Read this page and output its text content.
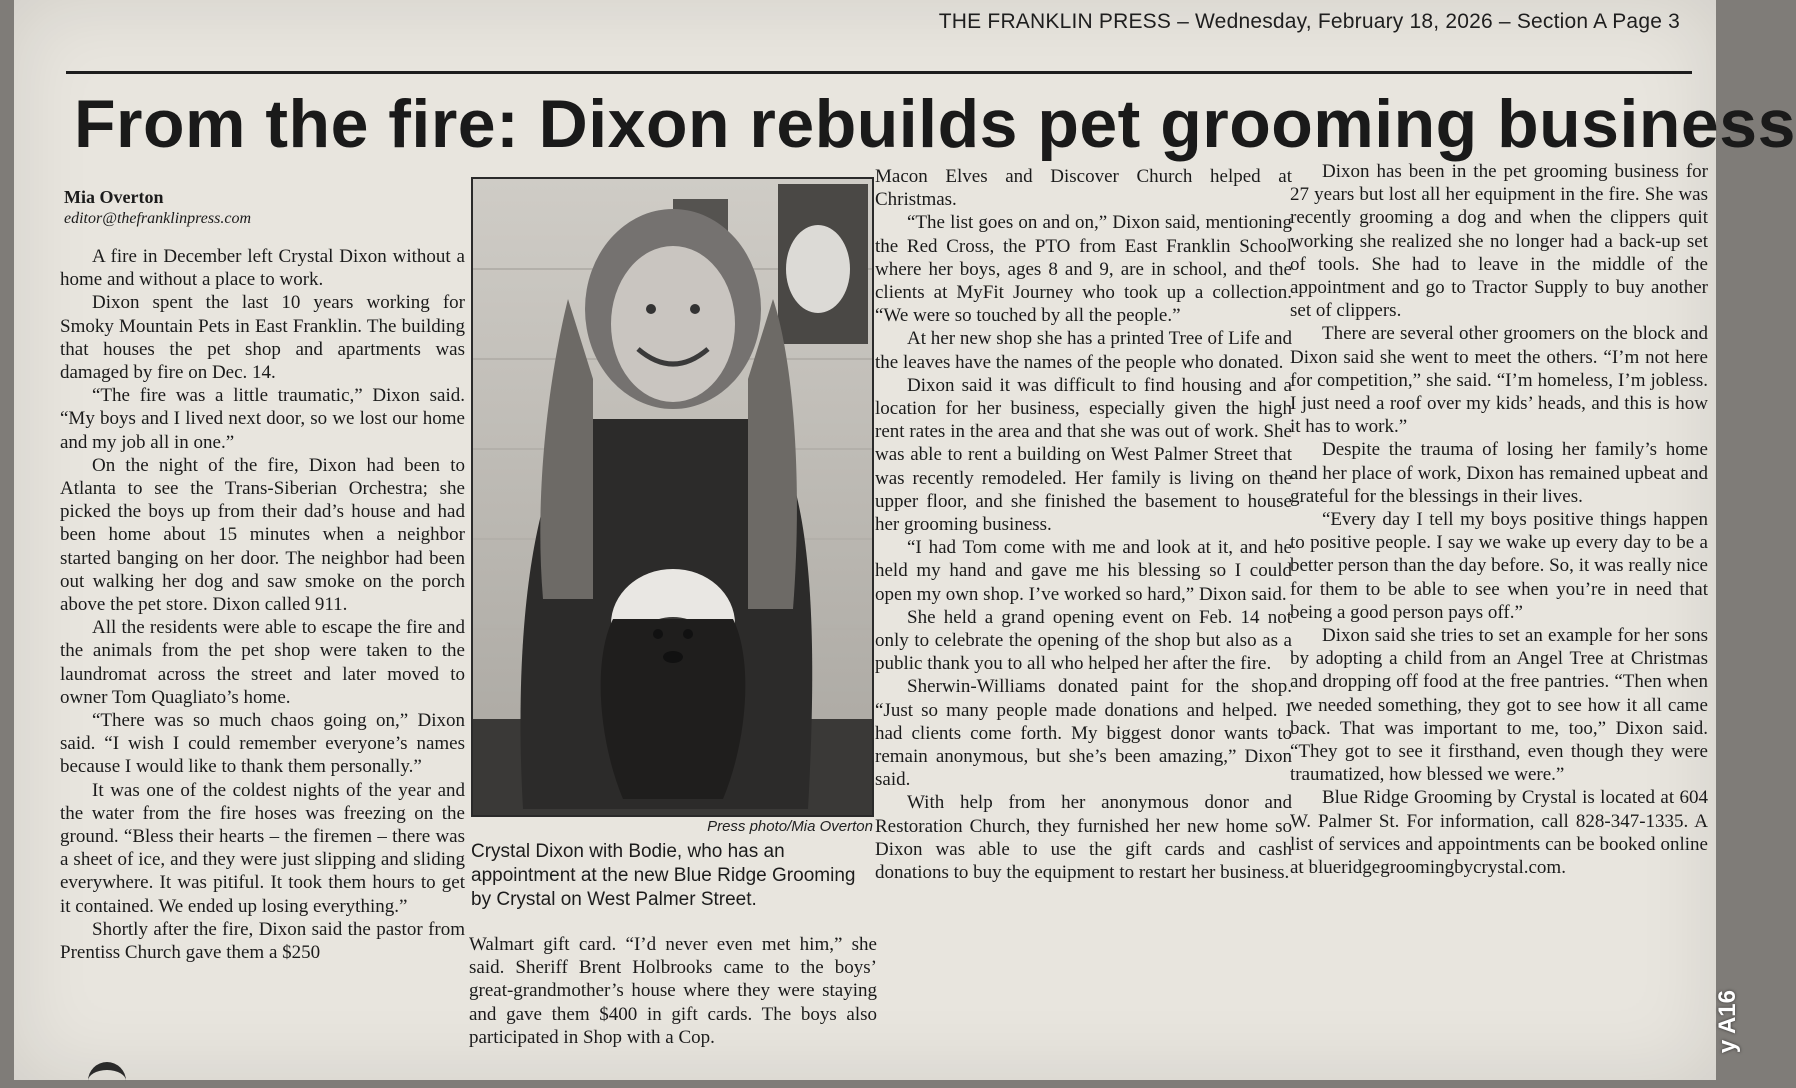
THE FRANKLIN PRESS – Wednesday, February 18, 2026 – Section A Page 3
From the fire: Dixon rebuilds pet grooming business
Mia Overton
editor@thefranklinpress.com

A fire in December left Crystal Dixon without a home and without a place to work.

Dixon spent the last 10 years working for Smoky Mountain Pets in East Franklin. The building that houses the pet shop and apartments was damaged by fire on Dec. 14.

“The fire was a little traumatic,” Dixon said. “My boys and I lived next door, so we lost our home and my job all in one.”

On the night of the fire, Dixon had been to Atlanta to see the Trans-Siberian Orchestra; she picked the boys up from their dad’s house and had been home about 15 minutes when a neighbor started banging on her door. The neighbor had been out walking her dog and saw smoke on the porch above the pet store. Dixon called 911.

All the residents were able to escape the fire and the animals from the pet shop were taken to the laundromat across the street and later moved to owner Tom Quagliato’s home.

“There was so much chaos going on,” Dixon said. “I wish I could remember everyone’s names because I would like to thank them personally.”

It was one of the coldest nights of the year and the water from the fire hoses was freezing on the ground. “Bless their hearts – the firemen – there was a sheet of ice, and they were just slipping and sliding everywhere. It was pitiful. It took them hours to get it contained. We ended up losing everything.”

Shortly after the fire, Dixon said the pastor from Prentiss Church gave them a $250

Press photo/Mia Overton
Crystal Dixon with Bodie, who has an appointment at the new Blue Ridge Grooming by Crystal on West Palmer Street.

Walmart gift card. “I’d never even met him,” she said. Sheriff Brent Holbrooks came to the boys’ great-grandmother’s house where they were staying and gave them $400 in gift cards. The boys also participated in Shop with a Cop.

Macon Elves and Discover Church helped at Christmas.

“The list goes on and on,” Dixon said, mentioning the Red Cross, the PTO from East Franklin School where her boys, ages 8 and 9, are in school, and the clients at MyFit Journey who took up a collection. “We were so touched by all the people.”

At her new shop she has a printed Tree of Life and the leaves have the names of the people who donated.

Dixon said it was difficult to find housing and a location for her business, especially given the high rent rates in the area and that she was out of work. She was able to rent a building on West Palmer Street that was recently remodeled. Her family is living on the upper floor, and she finished the basement to house her grooming business.

“I had Tom come with me and look at it, and he held my hand and gave me his blessing so I could open my own shop. I’ve worked so hard,” Dixon said.

She held a grand opening event on Feb. 14 not only to celebrate the opening of the shop but also as a public thank you to all who helped her after the fire.

Sherwin-Williams donated paint for the shop. “Just so many people made donations and helped. I had clients come forth. My biggest donor wants to remain anonymous, but she’s been amazing,” Dixon said.

With help from her anonymous donor and Restoration Church, they furnished her new home so Dixon was able to use the gift cards and cash donations to buy the equipment to restart her business.

Dixon has been in the pet grooming business for 27 years but lost all her equipment in the fire. She was recently grooming a dog and when the clippers quit working she realized she no longer had a back-up set of tools. She had to leave in the middle of the appointment and go to Tractor Supply to buy another set of clippers.

There are several other groomers on the block and Dixon said she went to meet the others. “I’m not here for competition,” she said. “I’m homeless, I’m jobless. I just need a roof over my kids’ heads, and this is how it has to work.”

Despite the trauma of losing her family’s home and her place of work, Dixon has remained upbeat and grateful for the blessings in their lives.

“Every day I tell my boys positive things happen to positive people. I say we wake up every day to be a better person than the day before. So, it was really nice for them to be able to see when you’re in need that being a good person pays off.”

Dixon said she tries to set an example for her sons by adopting a child from an Angel Tree at Christmas and dropping off food at the free pantries. “Then when we needed something, they got to see how it all came back. That was important to me, too,” Dixon said. “They got to see it firsthand, even though they were traumatized, how blessed we were.”

Blue Ridge Grooming by Crystal is located at 604 W. Palmer St. For information, call 828-347-1335. A list of services and appointments can be booked online at blueridgegroomingbycrystal.com.

y A16
